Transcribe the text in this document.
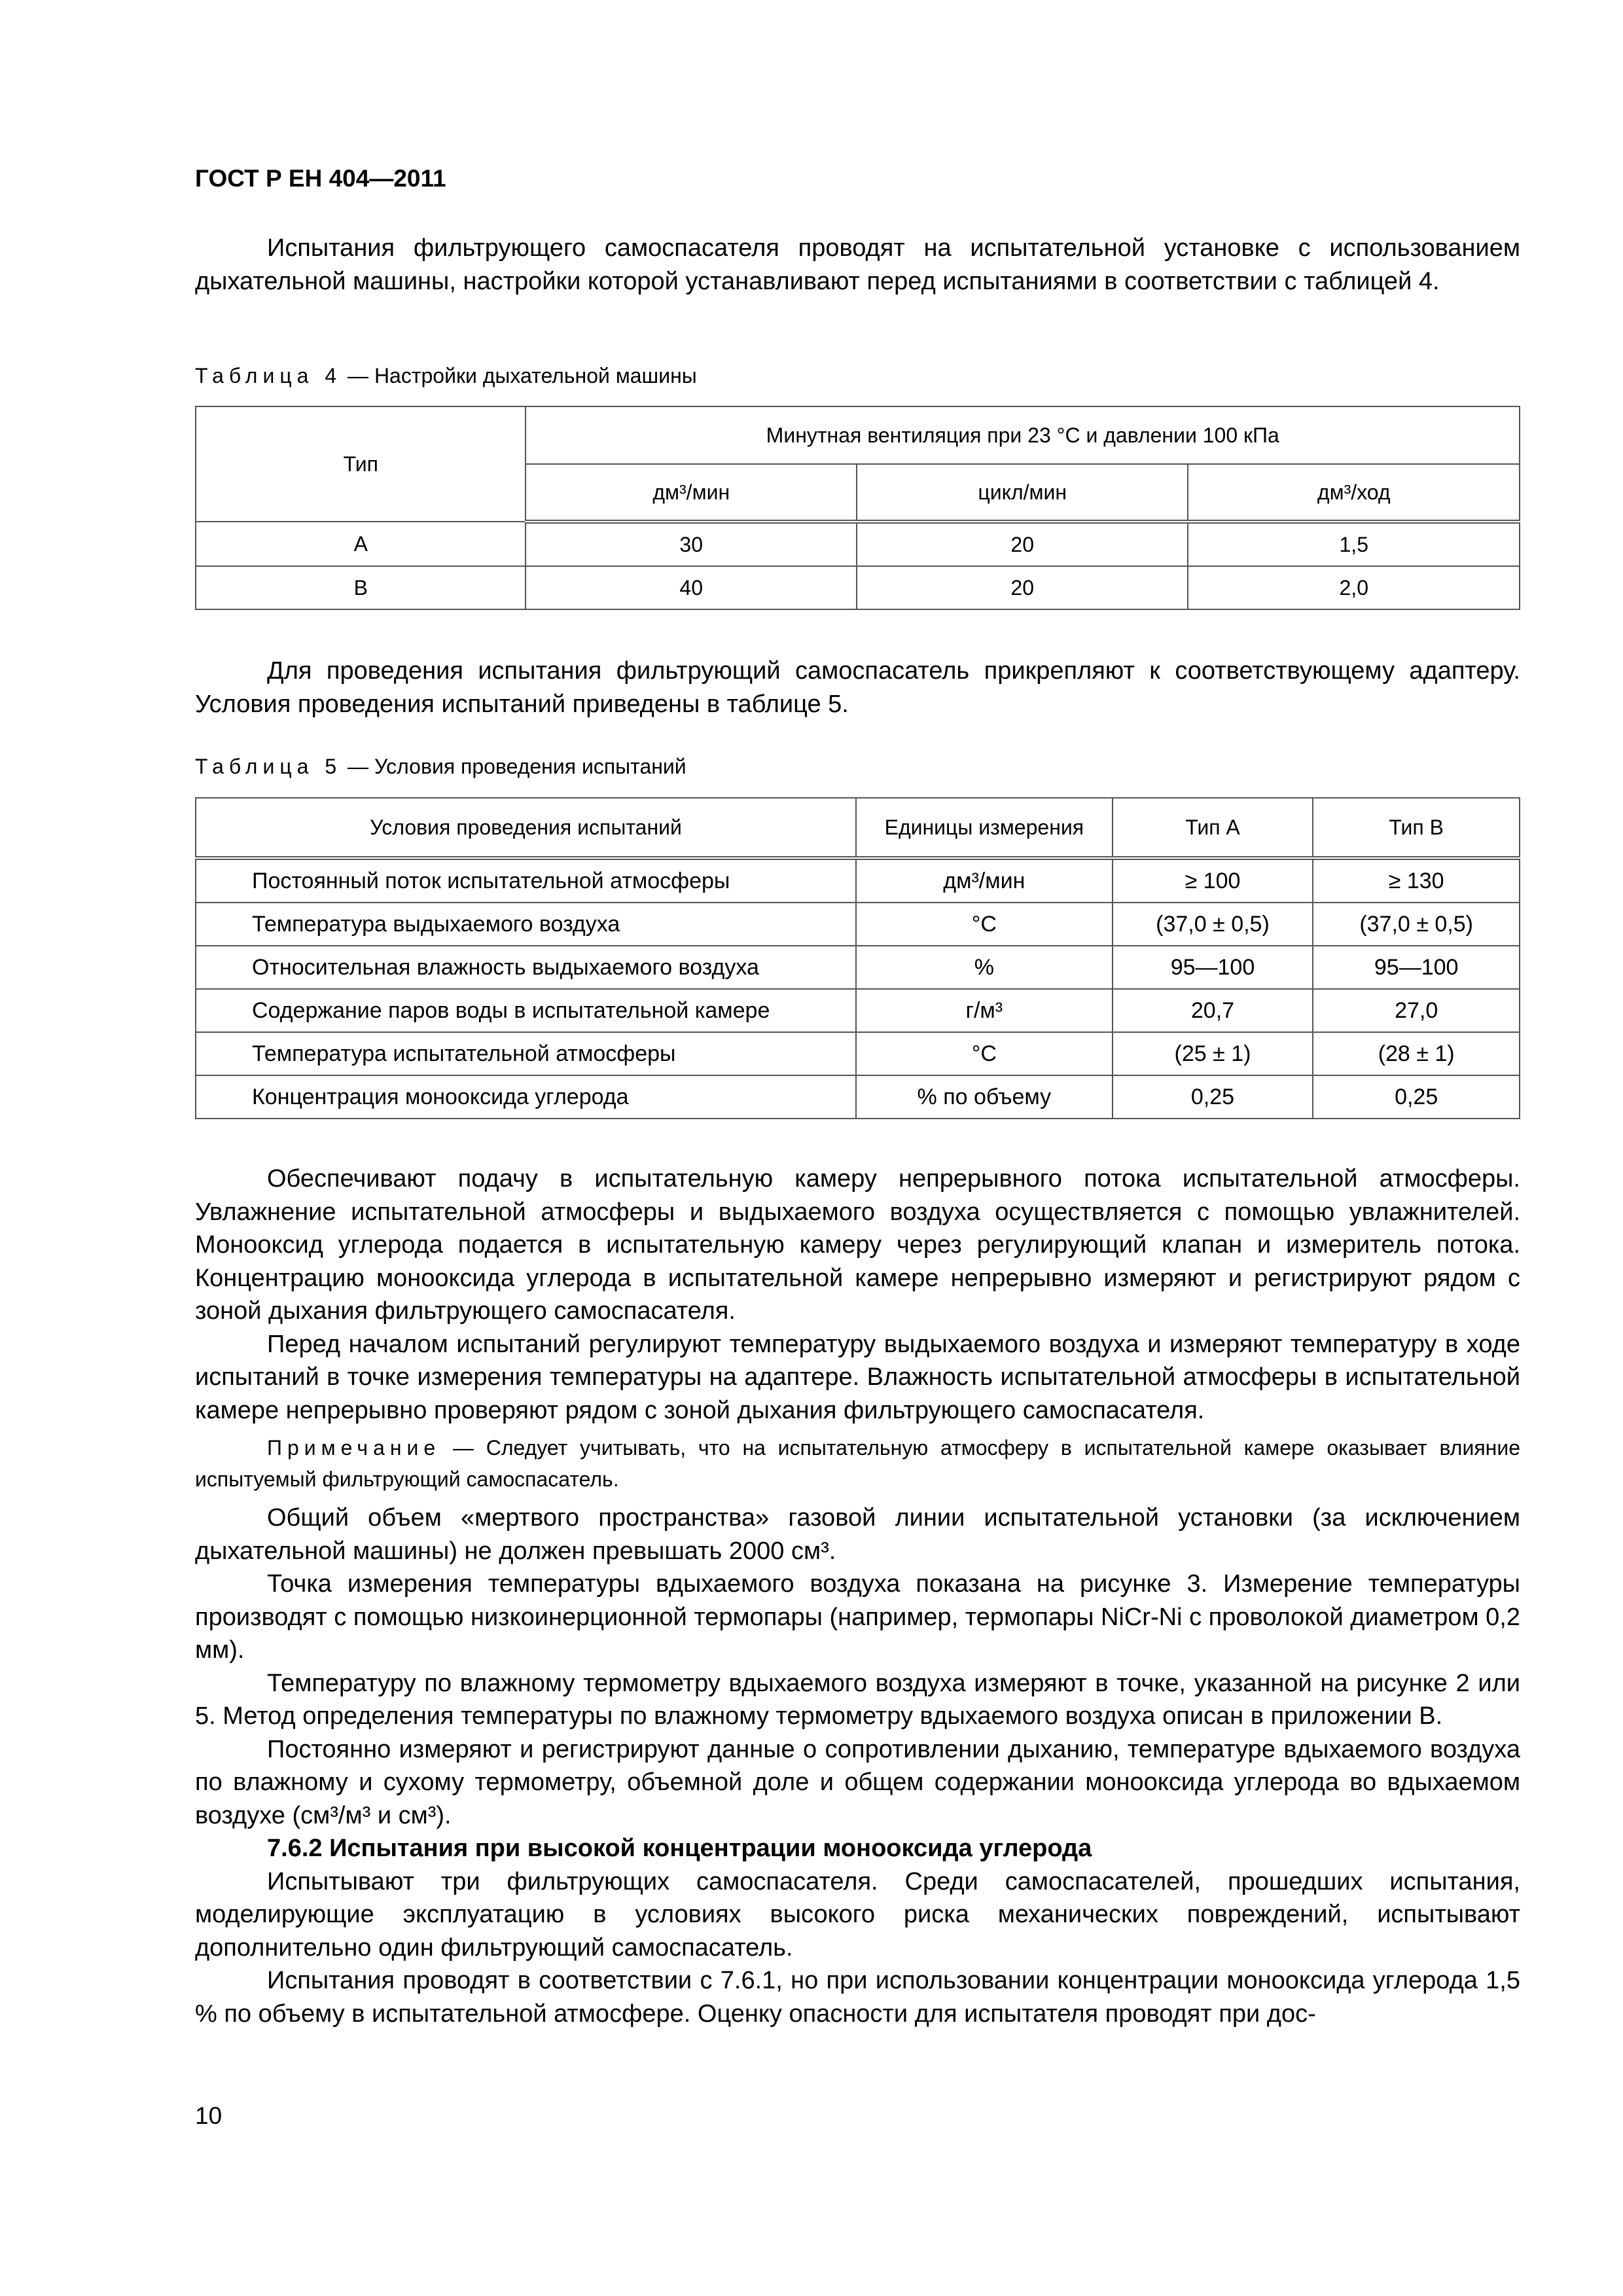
ГОСТ Р ЕН 404—2011

Испытания фильтрующего самоспасателя проводят на испытательной установке с использованием дыхательной машины, настройки которой устанавливают перед испытаниями в соответствии с таблицей 4.

Таблица 4 — Настройки дыхательной машины
Тип	Минутная вентиляция при 23 °C и давлении 100 кПа		
	дм³/мин	цикл/мин	дм³/ход
A	30	20	1,5
B	40	20	2,0

Для проведения испытания фильтрующий самоспасатель прикрепляют к соответствующему адаптеру. Условия проведения испытаний приведены в таблице 5.

Таблица 5 — Условия проведения испытаний
Условия проведения испытаний	Единицы измерения	Тип A	Тип B
Постоянный поток испытательной атмосферы	дм³/мин	≥ 100	≥ 130
Температура выдыхаемого воздуха	°C	(37,0 ± 0,5)	(37,0 ± 0,5)
Относительная влажность выдыхаемого воздуха	%	95—100	95—100
Содержание паров воды в испытательной камере	г/м³	20,7	27,0
Температура испытательной атмосферы	°C	(25 ± 1)	(28 ± 1)
Концентрация монооксида углерода	% по объему	0,25	0,25

Обеспечивают подачу в испытательную камеру непрерывного потока испытательной атмосферы. Увлажнение испытательной атмосферы и выдыхаемого воздуха осуществляется с помощью увлажнителей. Монооксид углерода подается в испытательную камеру через регулирующий клапан и измеритель потока. Концентрацию монооксида углерода в испытательной камере непрерывно измеряют и регистрируют рядом с зоной дыхания фильтрующего самоспасателя.

Перед началом испытаний регулируют температуру выдыхаемого воздуха и измеряют температуру в ходе испытаний в точке измерения температуры на адаптере. Влажность испытательной атмосферы в испытательной камере непрерывно проверяют рядом с зоной дыхания фильтрующего самоспасателя.

Примечание — Следует учитывать, что на испытательную атмосферу в испытательной камере оказывает влияние испытуемый фильтрующий самоспасатель.

Общий объем «мертвого пространства» газовой линии испытательной установки (за исключением дыхательной машины) не должен превышать 2000 см³.

Точка измерения температуры вдыхаемого воздуха показана на рисунке 3. Измерение температуры производят с помощью низкоинерционной термопары (например, термопары NiCr-Ni с проволокой диаметром 0,2 мм).

Температуру по влажному термометру вдыхаемого воздуха измеряют в точке, указанной на рисунке 2 или 5. Метод определения температуры по влажному термометру вдыхаемого воздуха описан в приложении В.

Постоянно измеряют и регистрируют данные о сопротивлении дыханию, температуре вдыхаемого воздуха по влажному и сухому термометру, объемной доле и общем содержании монооксида углерода во вдыхаемом воздухе (см³/м³ и см³).

7.6.2 Испытания при высокой концентрации монооксида углерода

Испытывают три фильтрующих самоспасателя. Среди самоспасателей, прошедших испытания, моделирующие эксплуатацию в условиях высокого риска механических повреждений, испытывают дополнительно один фильтрующий самоспасатель.

Испытания проводят в соответствии с 7.6.1, но при использовании концентрации монооксида углерода 1,5 % по объему в испытательной атмосфере. Оценку опасности для испытателя проводят при дос-

10
